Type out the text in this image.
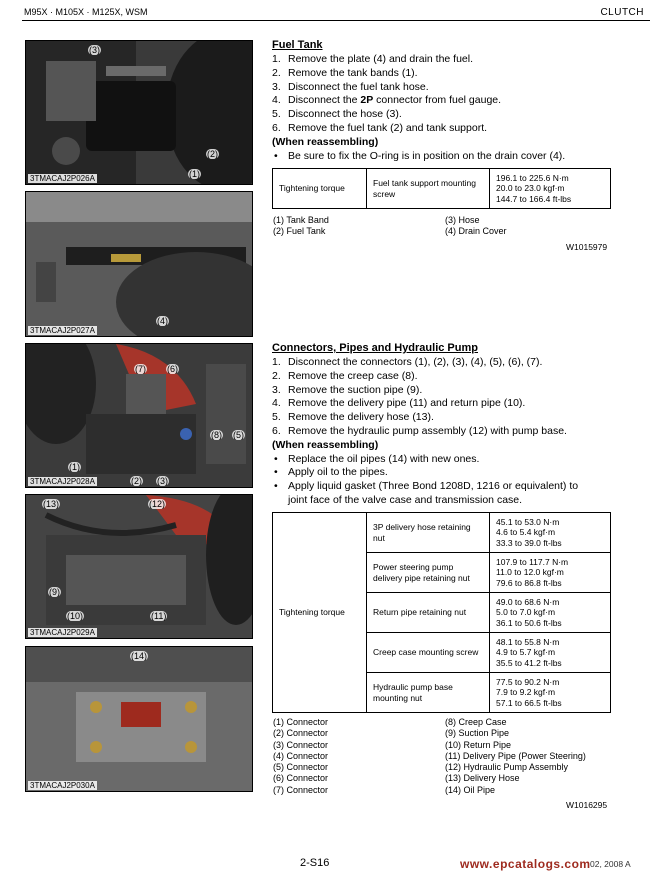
M95X · M105X · M125X, WSM	CLUTCH
(3)
(2)
(1)
3TMACAJ2P026A
(4)
3TMACAJ2P027A
(7) (6)
(8) (5)
(1)
(2) (3)
3TMACAJ2P028A
(13)	(12)
(9)
(10)	(11)
3TMACAJ2P029A
(14)
3TMACAJ2P030A
Fuel Tank
1. Remove the plate (4) and drain the fuel.
2. Remove the tank bands (1).
3. Disconnect the fuel tank hose.
4. Disconnect the 2P connector from fuel gauge.
5. Disconnect the hose (3).
6. Remove the fuel tank (2) and tank support.
(When reassembling)
• Be sure to fix the O-ring is in position on the drain cover (4).
Tightening torque	Fuel tank support mounting screw	
196.1 to 225.6 N·m
20.0 to 23.0 kgf·m
144.7 to 166.4 ft-lbs
(1) Tank Band
(2) Fuel Tank
(3) Hose
(4) Drain Cover
W1015979
Connectors, Pipes and Hydraulic Pump
1. Disconnect the connectors (1), (2), (3), (4), (5), (6), (7).
2. Remove the creep case (8).
3. Remove the suction pipe (9).
4. Remove the delivery pipe (11) and return pipe (10).
5. Remove the delivery hose (13).
6. Remove the hydraulic pump assembly (12) with pump base.
(When reassembling)
• Replace the oil pipes (14) with new ones.
• Apply oil to the pipes.
• Apply liquid gasket (Three Bond 1208D, 1216 or equivalent) to
joint face of the valve case and transmission case.
Tightening torque	3P delivery hose retaining nut	45.1 to 53.0 N·m
4.6 to 5.4 kgf·m
33.3 to 39.0 ft-lbs

	Power steering pump delivery pipe retaining nut	107.9 to 117.7 N·m
11.0 to 12.0 kgf·m
79.6 to 86.8 ft-lbs

	Return pipe retaining nut	49.0 to 68.6 N·m
5.0 to 7.0 kgf·m
36.1 to 50.6 ft-lbs

	Creep case mounting screw	48.1 to 55.8 N·m
4.9 to 5.7 kgf·m
35.5 to 41.2 ft-lbs

	Hydraulic pump base mounting nut	77.5 to 90.2 N·m
7.9 to 9.2 kgf·m
57.1 to 66.5 ft-lbs
(1) Connector
(2) Connector
(3) Connector
(4) Connector
(5) Connector
(6) Connector
(7) Connector
(8) Creep Case
(9) Suction Pipe
(10) Return Pipe
(11) Delivery Pipe (Power Steering)
(12) Hydraulic Pump Assembly
(13) Delivery Hose
(14) Oil Pipe
W1016295
2-S16	www.epcatalogs.com 02, 2008 A
